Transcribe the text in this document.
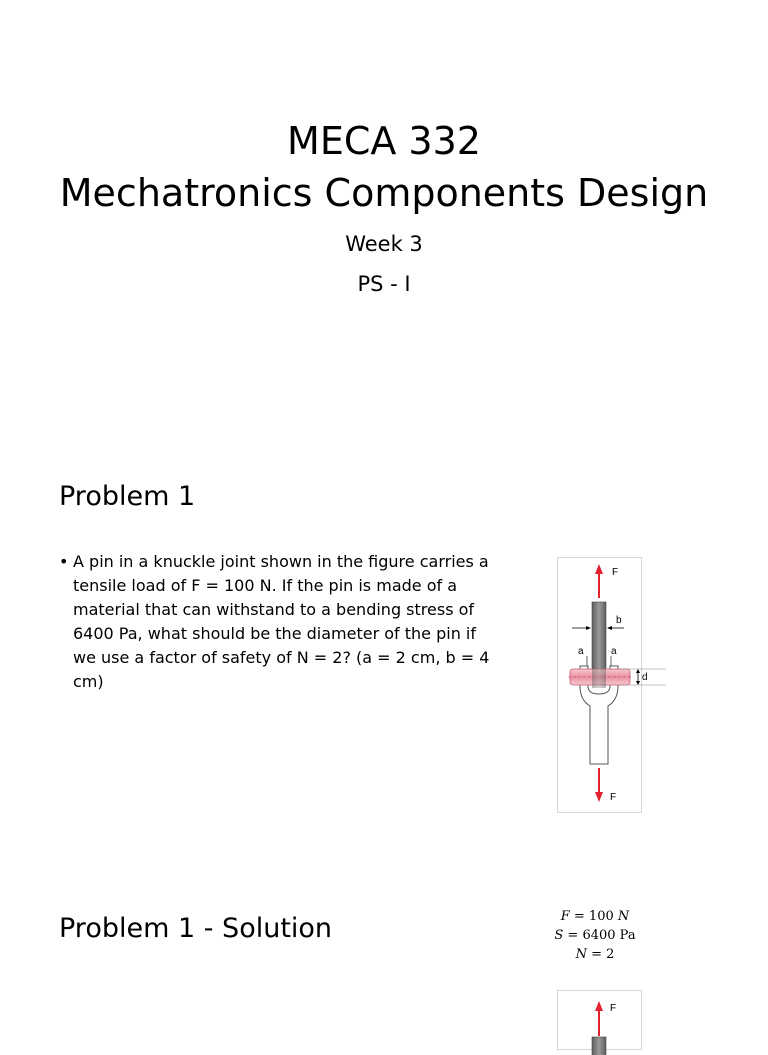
MECA 332
Mechatronics Components Design
Week 3
PS - I
Problem 1
• A pin in a knuckle joint shown in the figure carries a tensile load of F = 100 N. If the pin is made of a material that can withstand to a bending stress of 6400 Pa, what should be the diameter of the pin if we use a factor of safety of N = 2? (a = 2 cm, b = 4 cm)
F
b
a	a
d
F
Problem 1 - Solution	F = 100 N
S = 6400 Pa
N = 2
F
